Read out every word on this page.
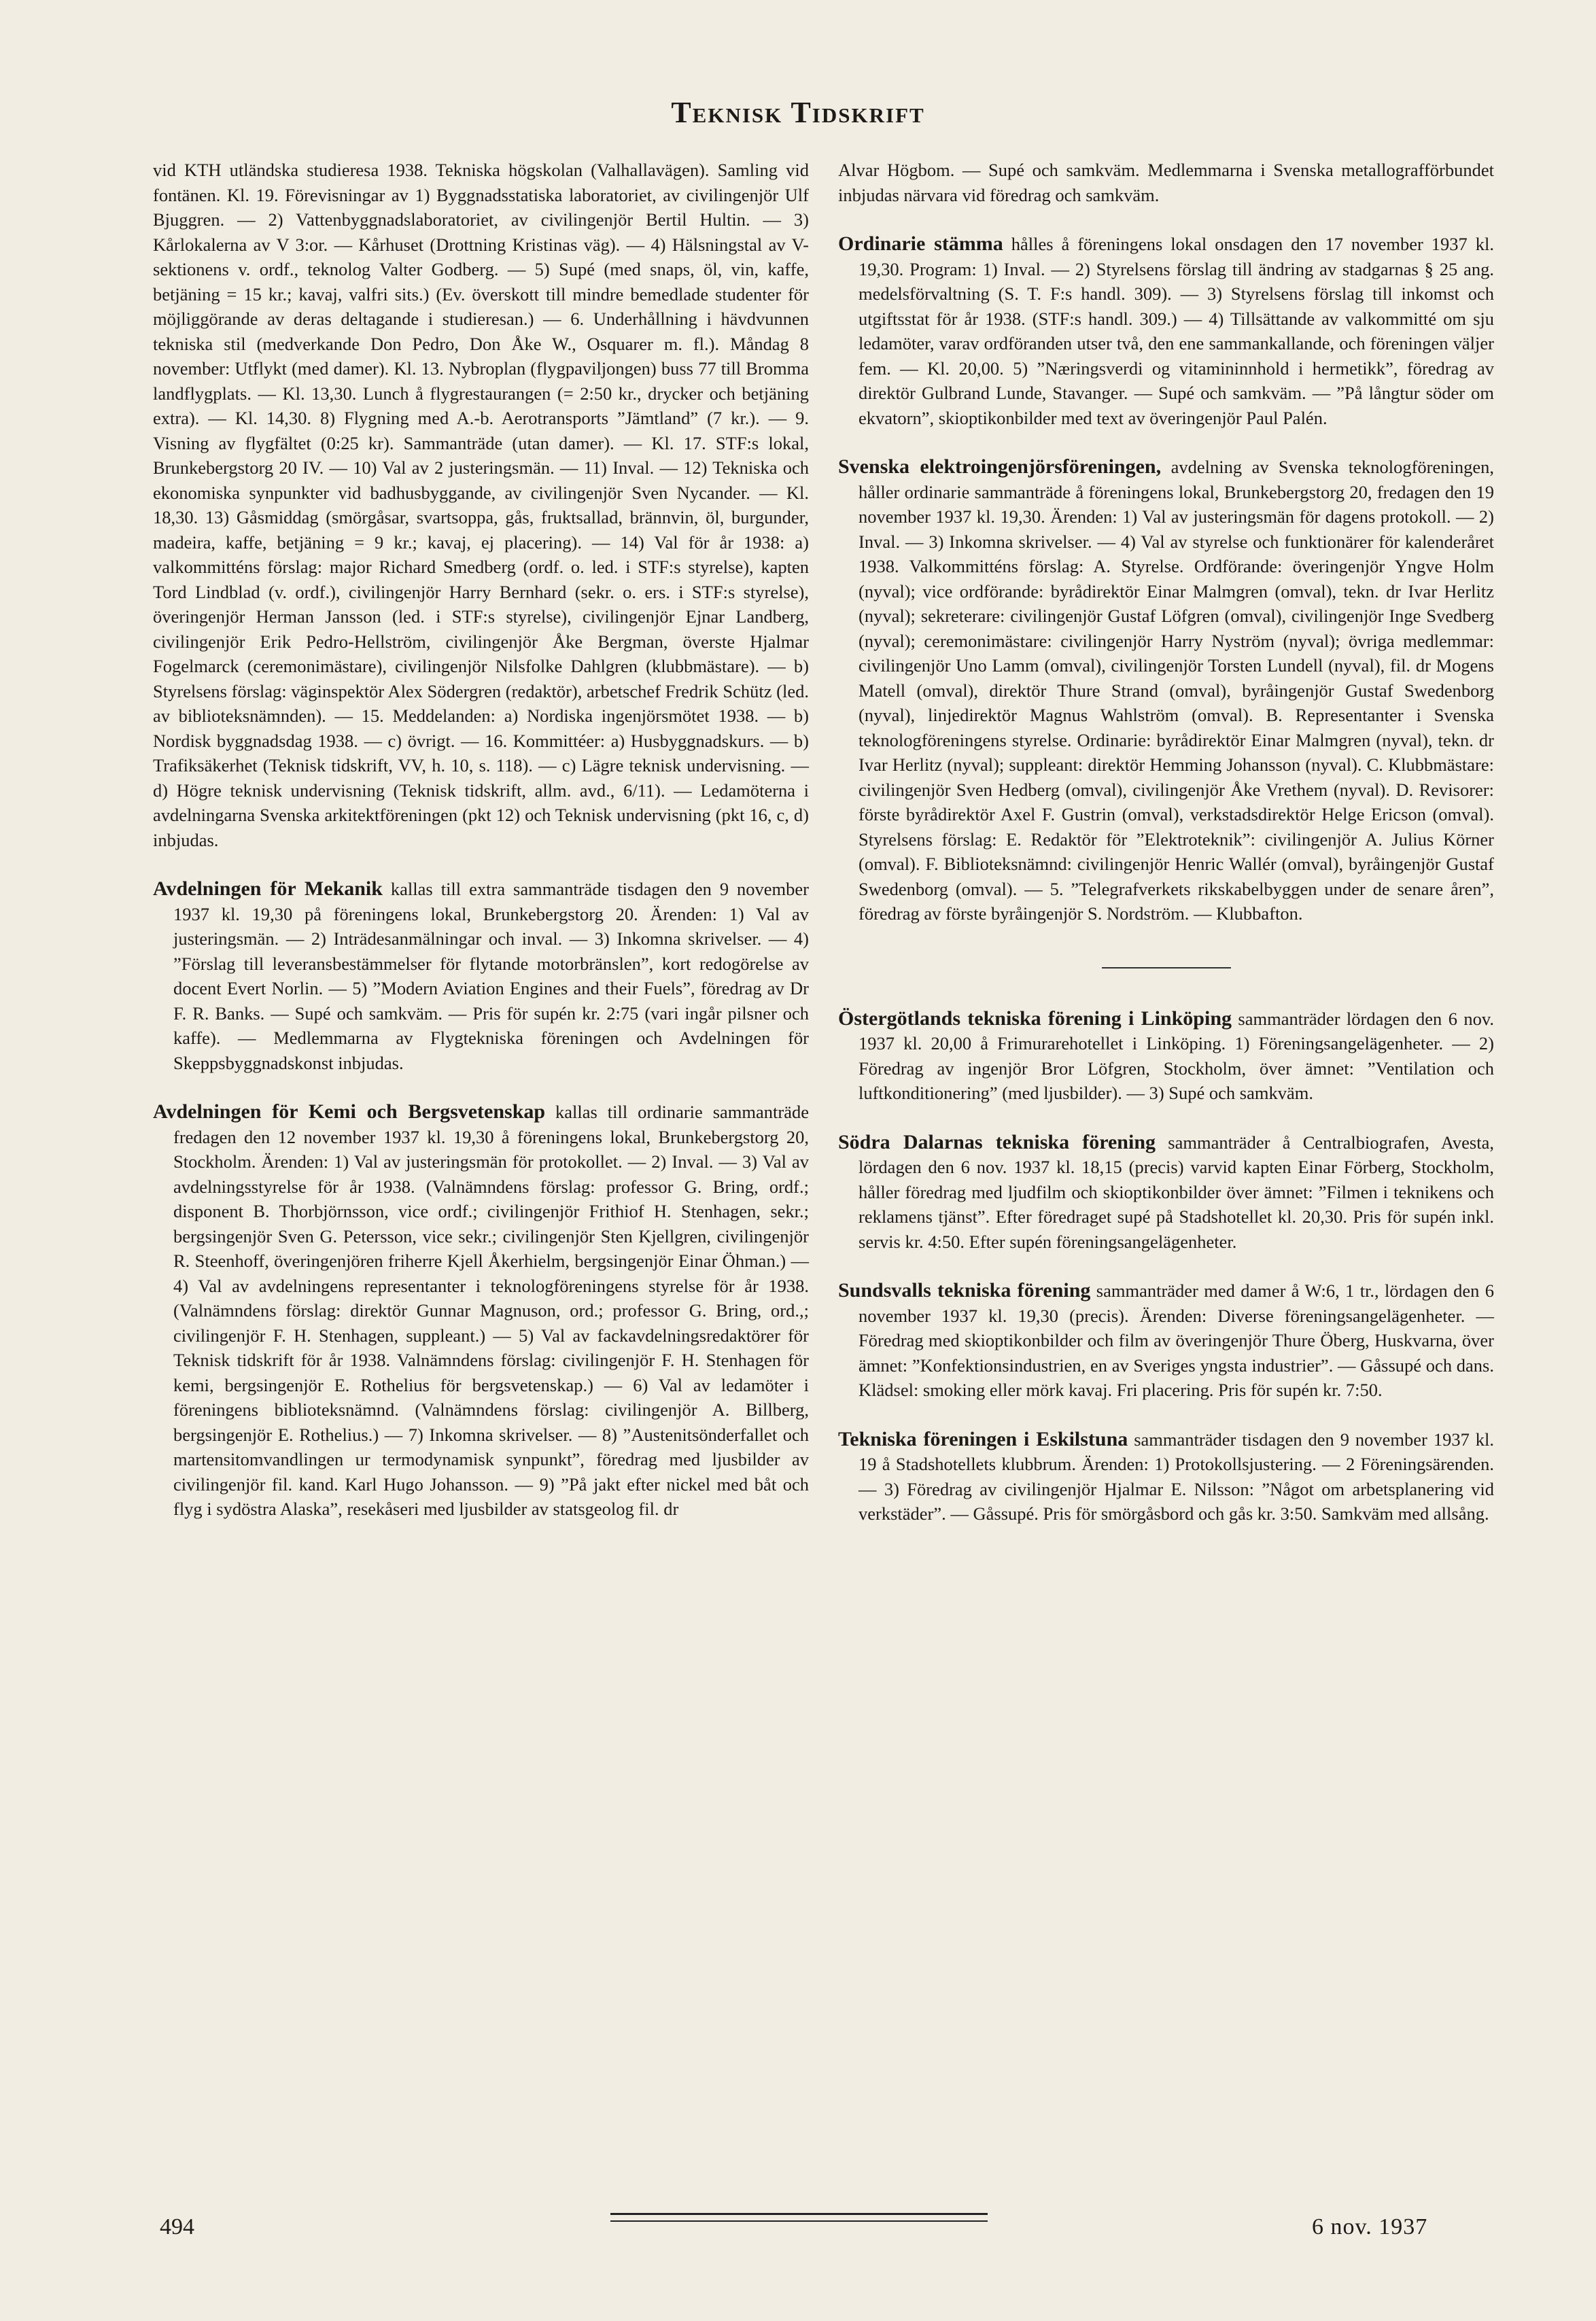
Teknisk Tidskrift

vid KTH utländska studieresa 1938. Tekniska högskolan (Valhallavägen). Samling vid fontänen. Kl. 19. Förevisningar av 1) Byggnadsstatiska laboratoriet, av civilingenjör Ulf Bjuggren. — 2) Vattenbyggnadslaboratoriet, av civilingenjör Bertil Hultin. — 3) Kårlokalerna av V 3:or. — Kårhuset (Drottning Kristinas väg). — 4) Hälsningstal av V-sektionens v. ordf., teknolog Valter Godberg. — 5) Supé (med snaps, öl, vin, kaffe, betjäning = 15 kr.; kavaj, valfri sits.) (Ev. överskott till mindre bemedlade studenter för möjliggörande av deras deltagande i studieresan.) — 6. Underhållning i hävdvunnen tekniska stil (medverkande Don Pedro, Don Åke W., Osquarer m. fl.). Måndag 8 november: Utflykt (med damer). Kl. 13. Nybroplan (flygpaviljongen) buss 77 till Bromma landflygplats. — Kl. 13,30. Lunch å flygrestaurangen (= 2:50 kr., drycker och betjäning extra). — Kl. 14,30. 8) Flygning med A.-b. Aerotransports ”Jämtland” (7 kr.). — 9. Visning av flygfältet (0:25 kr). Sammanträde (utan damer). — Kl. 17. STF:s lokal, Brunkebergstorg 20 IV. — 10) Val av 2 justeringsmän. — 11) Inval. — 12) Tekniska och ekonomiska synpunkter vid badhusbyggande, av civilingenjör Sven Nycander. — Kl. 18,30. 13) Gåsmiddag (smörgåsar, svartsoppa, gås, fruktsallad, brännvin, öl, burgunder, madeira, kaffe, betjäning = 9 kr.; kavaj, ej placering). — 14) Val för år 1938: a) valkommitténs förslag: major Richard Smedberg (ordf. o. led. i STF:s styrelse), kapten Tord Lindblad (v. ordf.), civilingenjör Harry Bernhard (sekr. o. ers. i STF:s styrelse), överingenjör Herman Jansson (led. i STF:s styrelse), civilingenjör Ejnar Landberg, civilingenjör Erik Pedro-Hellström, civilingenjör Åke Bergman, överste Hjalmar Fogelmarck (ceremonimästare), civilingenjör Nilsfolke Dahlgren (klubbmästare). — b) Styrelsens förslag: väginspektör Alex Södergren (redaktör), arbetschef Fredrik Schütz (led. av biblioteksnämnden). — 15. Meddelanden: a) Nordiska ingenjörsmötet 1938. — b) Nordisk byggnadsdag 1938. — c) övrigt. — 16. Kommittéer: a) Husbyggnadskurs. — b) Trafiksäkerhet (Teknisk tidskrift, VV, h. 10, s. 118). — c) Lägre teknisk undervisning. — d) Högre teknisk undervisning (Teknisk tidskrift, allm. avd., 6/11). — Ledamöterna i avdelningarna Svenska arkitektföreningen (pkt 12) och Teknisk undervisning (pkt 16, c, d) inbjudas.

Avdelningen för Mekanik kallas till extra sammanträde tisdagen den 9 november 1937 kl. 19,30 på föreningens lokal, Brunkebergstorg 20. Ärenden: 1) Val av justeringsmän. — 2) Inträdesanmälningar och inval. — 3) Inkomna skrivelser. — 4) ”Förslag till leveransbestämmelser för flytande motorbränslen”, kort redogörelse av docent Evert Norlin. — 5) ”Modern Aviation Engines and their Fuels”, föredrag av Dr F. R. Banks. — Supé och samkväm. — Pris för supén kr. 2:75 (vari ingår pilsner och kaffe). — Medlemmarna av Flygtekniska föreningen och Avdelningen för Skeppsbyggnadskonst inbjudas.

Avdelningen för Kemi och Bergsvetenskap kallas till ordinarie sammanträde fredagen den 12 november 1937 kl. 19,30 å föreningens lokal, Brunkebergstorg 20, Stockholm. Ärenden: 1) Val av justeringsmän för protokollet. — 2) Inval. — 3) Val av avdelningsstyrelse för år 1938. (Valnämndens förslag: professor G. Bring, ordf.; disponent B. Thorbjörnsson, vice ordf.; civilingenjör Frithiof H. Stenhagen, sekr.; bergsingenjör Sven G. Petersson, vice sekr.; civilingenjör Sten Kjellgren, civilingenjör R. Steenhoff, överingenjören friherre Kjell Åkerhielm, bergsingenjör Einar Öhman.) — 4) Val av avdelningens representanter i teknologföreningens styrelse för år 1938. (Valnämndens förslag: direktör Gunnar Magnuson, ord.; professor G. Bring, ord.,; civilingenjör F. H. Stenhagen, suppleant.) — 5) Val av fackavdelningsredaktörer för Teknisk tidskrift för år 1938. Valnämndens förslag: civilingenjör F. H. Stenhagen för kemi, bergsingenjör E. Rothelius för bergsvetenskap.) — 6) Val av ledamöter i föreningens biblioteksnämnd. (Valnämndens förslag: civilingenjör A. Billberg, bergsingenjör E. Rothelius.) — 7) Inkomna skrivelser. — 8) ”Austenitsönderfallet och martensitomvandlingen ur termodynamisk synpunkt”, föredrag med ljusbilder av civilingenjör fil. kand. Karl Hugo Johansson. — 9) ”På jakt efter nickel med båt och flyg i sydöstra Alaska”, resekåseri med ljusbilder av statsgeolog fil. dr

Alvar Högbom. — Supé och samkväm. Medlemmarna i Svenska metallografförbundet inbjudas närvara vid föredrag och samkväm.

Ordinarie stämma hålles å föreningens lokal onsdagen den 17 november 1937 kl. 19,30. Program: 1) Inval. — 2) Styrelsens förslag till ändring av stadgarnas § 25 ang. medelsförvaltning (S. T. F:s handl. 309). — 3) Styrelsens förslag till inkomst och utgiftsstat för år 1938. (STF:s handl. 309.) — 4) Tillsättande av valkommitté om sju ledamöter, varav ordföranden utser två, den ene sammankallande, och föreningen väljer fem. — Kl. 20,00. 5) ”Næringsverdi og vitamininnhold i hermetikk”, föredrag av direktör Gulbrand Lunde, Stavanger. — Supé och samkväm. — ”På långtur söder om ekvatorn”, skioptikonbilder med text av överingenjör Paul Palén.

Svenska elektroingenjörsföreningen, avdelning av Svenska teknologföreningen, håller ordinarie sammanträde å föreningens lokal, Brunkebergstorg 20, fredagen den 19 november 1937 kl. 19,30. Ärenden: 1) Val av justeringsmän för dagens protokoll. — 2) Inval. — 3) Inkomna skrivelser. — 4) Val av styrelse och funktionärer för kalenderåret 1938. Valkommitténs förslag: A. Styrelse. Ordförande: överingenjör Yngve Holm (nyval); vice ordförande: byrådirektör Einar Malmgren (omval), tekn. dr Ivar Herlitz (nyval); sekreterare: civilingenjör Gustaf Löfgren (omval), civilingenjör Inge Svedberg (nyval); ceremonimästare: civilingenjör Harry Nyström (nyval); övriga medlemmar: civilingenjör Uno Lamm (omval), civilingenjör Torsten Lundell (nyval), fil. dr Mogens Matell (omval), direktör Thure Strand (omval), byråingenjör Gustaf Swedenborg (nyval), linjedirektör Magnus Wahlström (omval). B. Representanter i Svenska teknologföreningens styrelse. Ordinarie: byrådirektör Einar Malmgren (nyval), tekn. dr Ivar Herlitz (nyval); suppleant: direktör Hemming Johansson (nyval). C. Klubbmästare: civilingenjör Sven Hedberg (omval), civilingenjör Åke Vrethem (nyval). D. Revisorer: förste byrådirektör Axel F. Gustrin (omval), verkstadsdirektör Helge Ericson (omval). Styrelsens förslag: E. Redaktör för ”Elektroteknik”: civilingenjör A. Julius Körner (omval). F. Biblioteksnämnd: civilingenjör Henric Wallér (omval), byråingenjör Gustaf Swedenborg (omval). — 5. ”Telegrafverkets rikskabelbyggen under de senare åren”, föredrag av förste byråingenjör S. Nordström. — Klubbafton.

Östergötlands tekniska förening i Linköping sammanträder lördagen den 6 nov. 1937 kl. 20,00 å Frimurarehotellet i Linköping. 1) Föreningsangelägenheter. — 2) Föredrag av ingenjör Bror Löfgren, Stockholm, över ämnet: ”Ventilation och luftkonditionering” (med ljusbilder). — 3) Supé och samkväm.

Södra Dalarnas tekniska förening sammanträder å Centralbiografen, Avesta, lördagen den 6 nov. 1937 kl. 18,15 (precis) varvid kapten Einar Förberg, Stockholm, håller föredrag med ljudfilm och skioptikonbilder över ämnet: ”Filmen i teknikens och reklamens tjänst”. Efter föredraget supé på Stadshotellet kl. 20,30. Pris för supén inkl. servis kr. 4:50. Efter supén föreningsangelägenheter.

Sundsvalls tekniska förening sammanträder med damer å W:6, 1 tr., lördagen den 6 november 1937 kl. 19,30 (precis). Ärenden: Diverse föreningsangelägenheter. — Föredrag med skioptikonbilder och film av överingenjör Thure Öberg, Huskvarna, över ämnet: ”Konfektionsindustrien, en av Sveriges yngsta industrier”. — Gåssupé och dans. Klädsel: smoking eller mörk kavaj. Fri placering. Pris för supén kr. 7:50.

Tekniska föreningen i Eskilstuna sammanträder tisdagen den 9 november 1937 kl. 19 å Stadshotellets klubbrum. Ärenden: 1) Protokollsjustering. — 2 Föreningsärenden. — 3) Föredrag av civilingenjör Hjalmar E. Nilsson: ”Något om arbetsplanering vid verkstäder”. — Gåssupé. Pris för smörgåsbord och gås kr. 3:50. Samkväm med allsång.

494	6 nov. 1937
